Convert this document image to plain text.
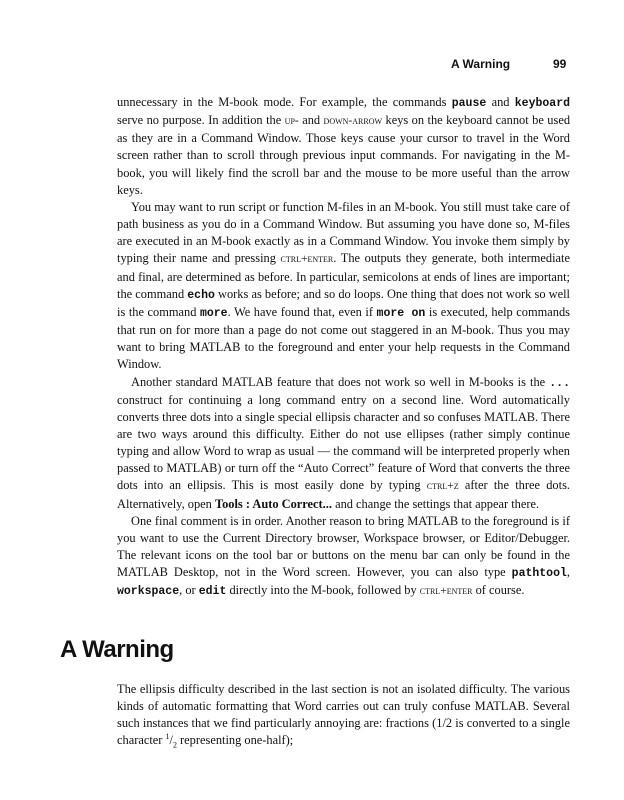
A Warning	99

unnecessary in the M-book mode. For example, the commands pause and keyboard serve no purpose. In addition the up- and down-arrow keys on the keyboard cannot be used as they are in a Command Window. Those keys cause your cursor to travel in the Word screen rather than to scroll through previous input commands. For navigating in the M-book, you will likely find the scroll bar and the mouse to be more useful than the arrow keys.

You may want to run script or function M-files in an M-book. You still must take care of path business as you do in a Command Window. But assuming you have done so, M-files are executed in an M-book exactly as in a Command Window. You invoke them simply by typing their name and pressing ctrl+enter. The outputs they generate, both intermediate and final, are determined as before. In particular, semicolons at ends of lines are important; the command echo works as before; and so do loops. One thing that does not work so well is the command more. We have found that, even if more on is executed, help commands that run on for more than a page do not come out staggered in an M-book. Thus you may want to bring MATLAB to the foreground and enter your help requests in the Command Window.

Another standard MATLAB feature that does not work so well in M-books is the ... construct for continuing a long command entry on a second line. Word automatically converts three dots into a single special ellipsis character and so confuses MATLAB. There are two ways around this difficulty. Either do not use ellipses (rather simply continue typing and allow Word to wrap as usual — the command will be interpreted properly when passed to MATLAB) or turn off the “Auto Correct” feature of Word that converts the three dots into an ellipsis. This is most easily done by typing ctrl+z after the three dots. Alternatively, open Tools : Auto Correct... and change the settings that appear there.

One final comment is in order. Another reason to bring MATLAB to the foreground is if you want to use the Current Directory browser, Workspace browser, or Editor/Debugger. The relevant icons on the tool bar or buttons on the menu bar can only be found in the MATLAB Desktop, not in the Word screen. However, you can also type pathtool, workspace, or edit directly into the M-book, followed by ctrl+enter of course.

A Warning

The ellipsis difficulty described in the last section is not an isolated difficulty. The various kinds of automatic formatting that Word carries out can truly confuse MATLAB. Several such instances that we find particularly annoying are: fractions (1/2 is converted to a single character $^1/_2$ representing one-half);
